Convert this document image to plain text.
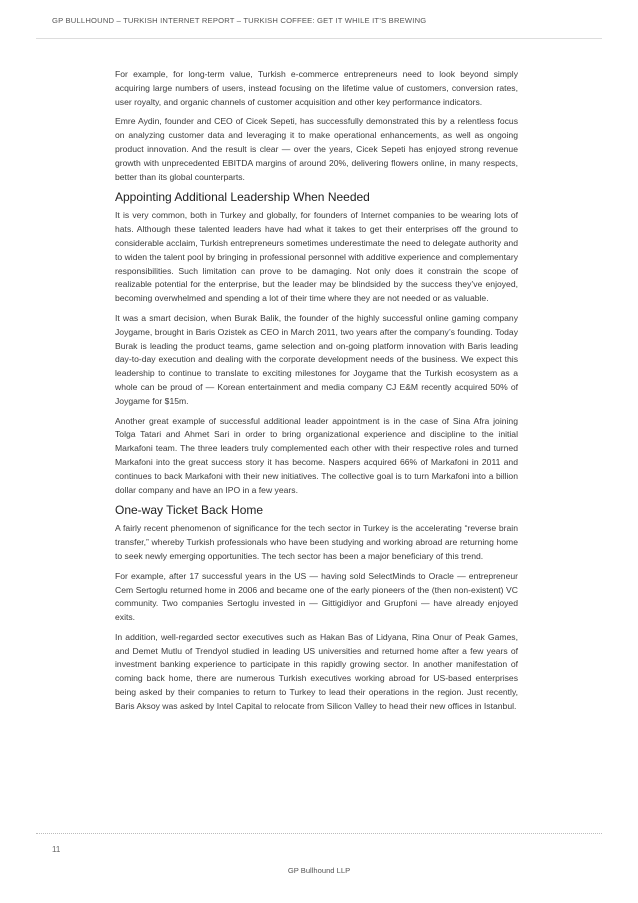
GP BULLHOUND – TURKISH INTERNET REPORT – TURKISH COFFEE: GET IT WHILE IT’S BREWING

For example, for long-term value, Turkish e-commerce entrepreneurs need to look beyond simply acquiring large numbers of users, instead focusing on the lifetime value of customers, conversion rates, user royalty, and organic channels of customer acquisition and other key performance indicators.

Emre Aydin, founder and CEO of Cicek Sepeti, has successfully demonstrated this by a relentless focus on analyzing customer data and leveraging it to make operational enhancements, as well as ongoing product innovation. And the result is clear — over the years, Cicek Sepeti has enjoyed strong revenue growth with unprecedented EBITDA margins of around 20%, delivering flowers online, in many respects, better than its global counterparts.

Appointing Additional Leadership When Needed

It is very common, both in Turkey and globally, for founders of Internet companies to be wearing lots of hats. Although these talented leaders have had what it takes to get their enterprises off the ground to considerable acclaim, Turkish entrepreneurs sometimes underestimate the need to delegate authority and to widen the talent pool by bringing in professional personnel with additive experience and complementary responsibilities. Such limitation can prove to be damaging. Not only does it constrain the scope of realizable potential for the enterprise, but the leader may be blindsided by the success they’ve enjoyed, becoming overwhelmed and spending a lot of their time where they are not needed or as valuable.

It was a smart decision, when Burak Balik, the founder of the highly successful online gaming company Joygame, brought in Baris Ozistek as CEO in March 2011, two years after the company’s founding. Today Burak is leading the product teams, game selection and on-going platform innovation with Baris leading day-to-day execution and dealing with the corporate development needs of the business. We expect this leadership to continue to translate to exciting milestones for Joygame that the Turkish ecosystem as a whole can be proud of — Korean entertainment and media company CJ E&M recently acquired 50% of Joygame for $15m.

Another great example of successful additional leader appointment is in the case of Sina Afra joining Tolga Tatari and Ahmet Sari in order to bring organizational experience and discipline to the initial Markafoni team. The three leaders truly complemented each other with their respective roles and turned Markafoni into the great success story it has become. Naspers acquired 66% of Markafoni in 2011 and continues to back Markafoni with their new initiatives. The collective goal is to turn Markafoni into a billion dollar company and have an IPO in a few years.

One-way Ticket Back Home

A fairly recent phenomenon of significance for the tech sector in Turkey is the accelerating “reverse brain transfer,” whereby Turkish professionals who have been studying and working abroad are returning home to seek newly emerging opportunities. The tech sector has been a major beneficiary of this trend.

For example, after 17 successful years in the US — having sold SelectMinds to Oracle — entrepreneur Cem Sertoglu returned home in 2006 and became one of the early pioneers of the (then non-existent) VC community. Two companies Sertoglu invested in — Gittigidiyor and Grupfoni — have already enjoyed exits.

In addition, well-regarded sector executives such as Hakan Bas of Lidyana, Rina Onur of Peak Games, and Demet Mutlu of Trendyol studied in leading US universities and returned home after a few years of investment banking experience to participate in this rapidly growing sector. In another manifestation of coming back home, there are numerous Turkish executives working abroad for US-based enterprises being asked by their companies to return to Turkey to lead their operations in the region. Just recently, Baris Aksoy was asked by Intel Capital to relocate from Silicon Valley to head their new offices in Istanbul.

11
GP Bullhound LLP
